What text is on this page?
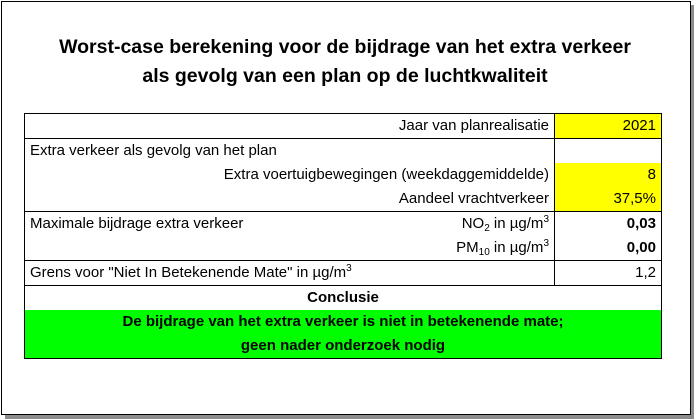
Worst-case berekening voor de bijdrage van het extra verkeer
als gevolg van een plan op de luchtkwaliteit
Jaar van planrealisatie	2021
Extra verkeer als gevolg van het plan	
Extra voertuigbewegingen (weekdaggemiddelde)	8
Aandeel vrachtverkeer	37,5%
Maximale bijdrage extra verkeer $NO_2$ in $\mu g/m^3$	0,03
$PM_{10}$ in $\mu g/m^3$	0,00
Grens voor "Niet In Betekenende Mate" in $\mu g/m^3$	1,2
Conclusie	
De bijdrage van het extra verkeer is niet in betekenende mate;	
geen nader onderzoek nodig	
